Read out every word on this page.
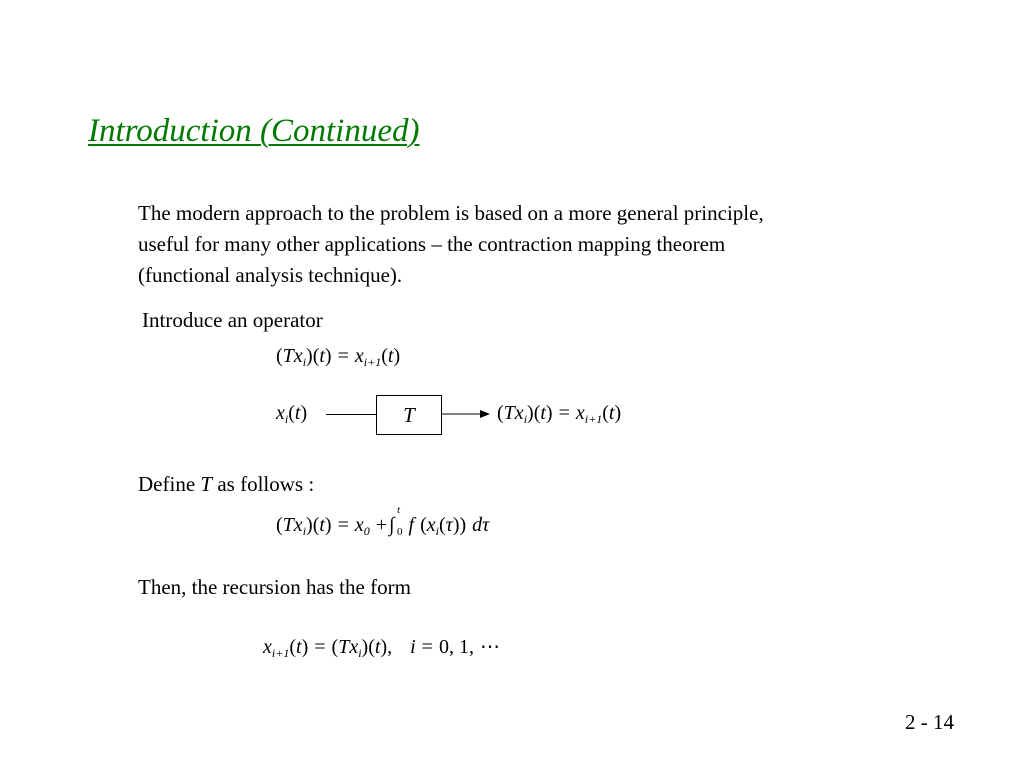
Introduction (Continued)
The modern approach to the problem is based on a more general principle,
useful for many other applications – the contraction mapping theorem
(functional analysis technique).
Introduce an operator
$(Tx_i)(t) = x_{i+1}(t)$
$x_i(t)$	T	$(Tx_i)(t) = x_{i+1}(t)$
Define T as follows :
$(Tx_i)(t) = x_0$ + ∫
t
0 f $(x_i(\tau))$ dτ
Then, the recursion has the form
$x_{i+1}(t) = (Tx_i)(t)$, i = 0, 1, ⋯
2 - 14
